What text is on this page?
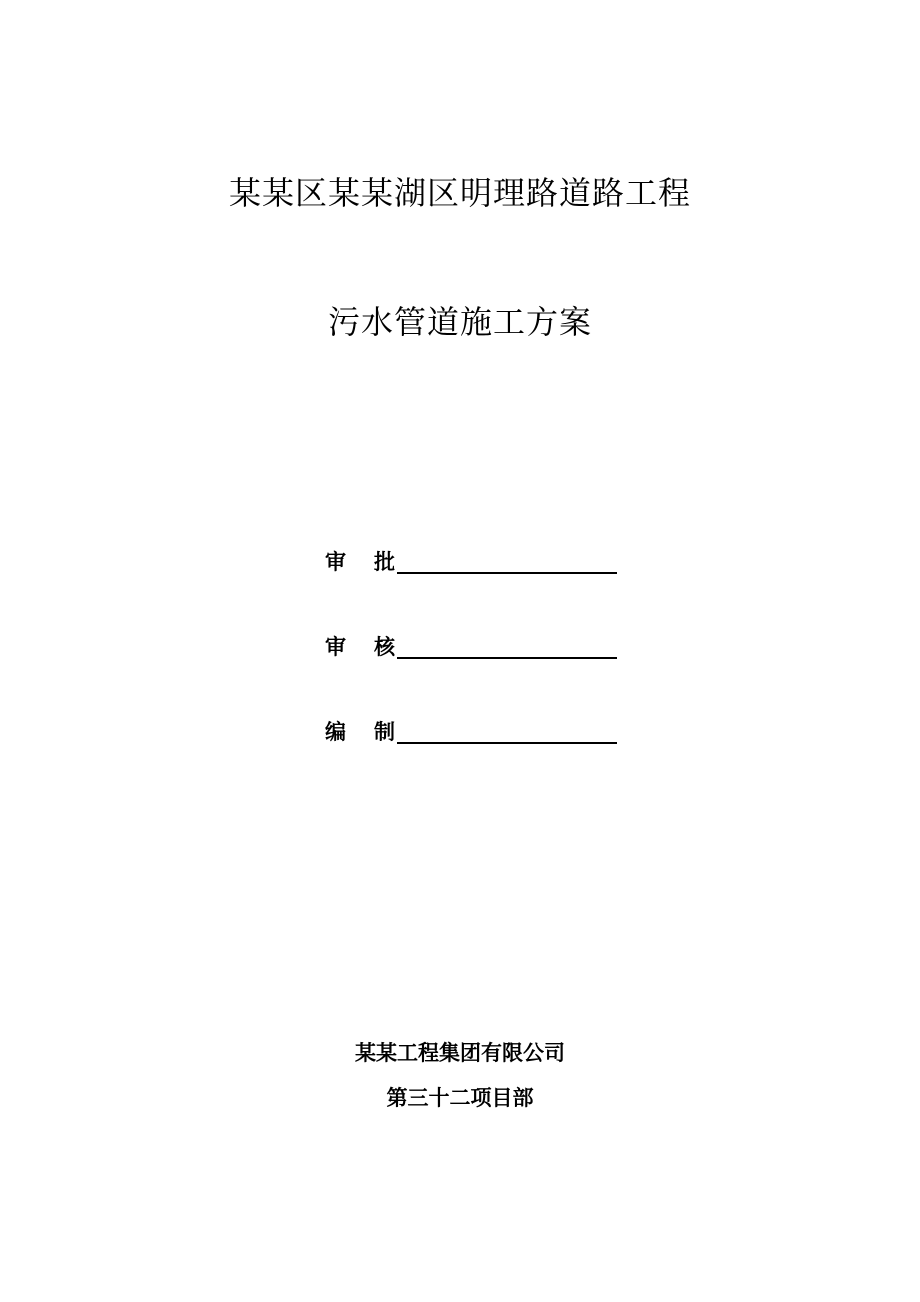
某某区某某湖区明理路道路工程
污水管道施工方案
审 批
审 核
编 制
某某工程集团有限公司
第三十二项目部
